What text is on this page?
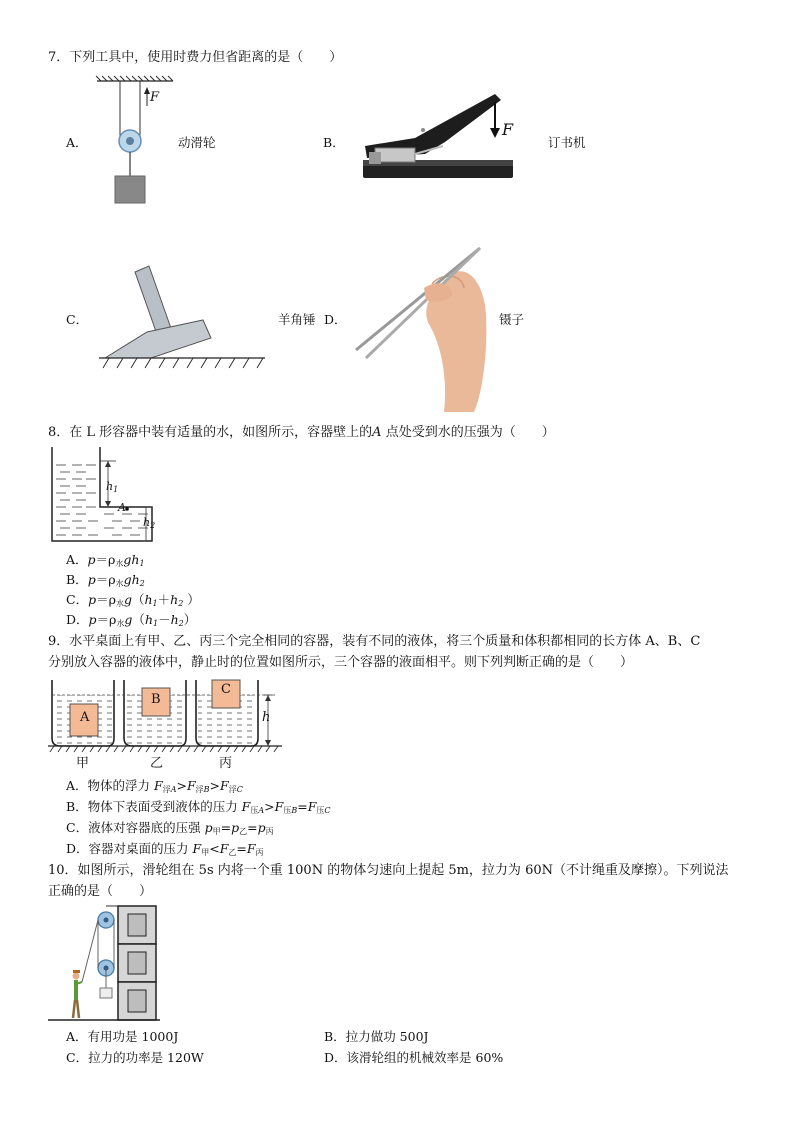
7．下列工具中，使用时费力但省距离的是（　　）
A．
F
动滑轮	B．
F
订书机
C．	羊角锤 D．	镊子
8．在 L 形容器中装有适量的水，如图所示，容器壁上的A 点处受到水的压强为（　　）
$h_1$
$h_2$
A
A．$p=\rho_水gh_1$
B．$p=\rho_水gh_2$
C．$p=\rho_水g(h_1+h_2$ ）
D．$p=\rho_水g(h_1-h_2)$
9．水平桌面上有甲、乙、丙三个完全相同的容器，装有不同的液体，将三个质量和体积都相同的长方体 A、B、C
分别放入容器的液体中，静止时的位置如图所示，三个容器的液面相平。则下列判断正确的是（　　）
A
B
C
h
甲	乙	丙
A．物体的浮力 $F_{浮A}>F_{浮B}>F_{浮C}$
B．物体下表面受到液体的压力 $F_{压A}>F_{压B}=F_{压C}$
C．液体对容器底的压强 $p_甲=p_乙=p_丙$
D．容器对桌面的压力 $F_甲<F_乙=F_丙$
10．如图所示，滑轮组在 5s 内将一个重 100N 的物体匀速向上提起 5m，拉力为 60N（不计绳重及摩擦）。下列说法
正确的是（　　）
A．有用功是 1000J	B．拉力做功 500J
C．拉力的功率是 120W	D．该滑轮组的机械效率是 60%
